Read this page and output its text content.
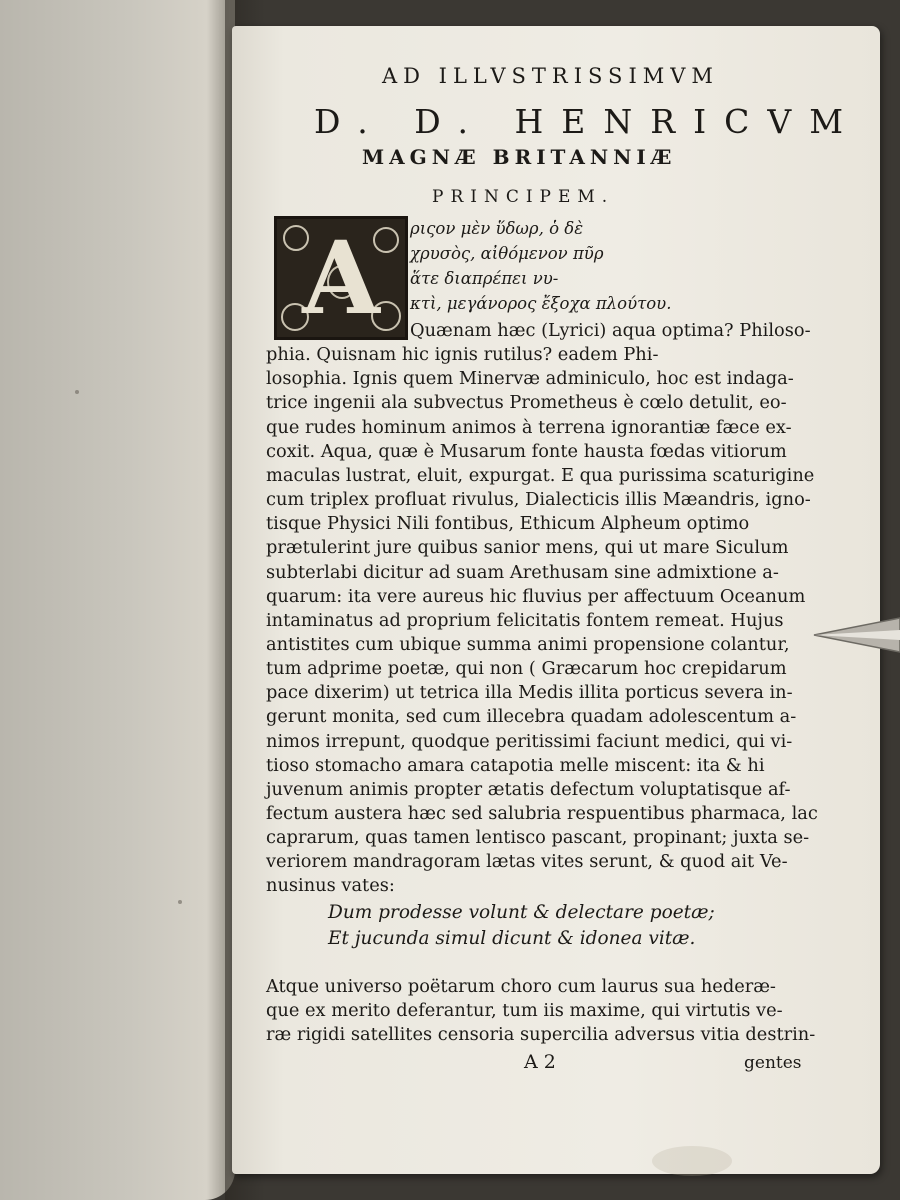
AD ILLVSTRISSIMVM
D. D. HENRICVM
MAGNÆ BRITANNIÆ
PRINCIPEM.
A	ριςον μὲν ὕδωρ, ὁ δὲ
χρυσὸς, αἰθόμενον πῦρ
ἅτε διαπρέπει νυ-
κτὶ, μεγάνορος ἔξοχα πλούτου.
Quænam hæc (Lyrici) aqua optima? Philoso-
phia. Quisnam hic ignis rutilus? eadem Phi-
losophia. Ignis quem Minervæ adminiculo, hoc est indaga-
trice ingenii ala subvectus Prometheus è cœlo detulit, eo-
que rudes hominum animos à terrena ignorantiæ fæce ex-
coxit. Aqua, quæ è Musarum fonte hausta fœdas vitiorum
maculas lustrat, eluit, expurgat. E qua purissima scaturigine
cum triplex profluat rivulus, Dialecticis illis Mæandris, igno-
tisque Physici Nili fontibus, Ethicum Alpheum optimo
prætulerint jure quibus sanior mens, qui ut mare Siculum
subterlabi dicitur ad suam Arethusam sine admixtione a-
quarum: ita vere aureus hic fluvius per affectuum Oceanum
intaminatus ad proprium felicitatis fontem remeat. Hujus
antistites cum ubique summa animi propensione colantur,
tum adprime poetæ, qui non ( Græcarum hoc crepidarum
pace dixerim) ut tetrica illa Medis illita porticus severa in-
gerunt monita, sed cum illecebra quadam adolescentum a-
nimos irrepunt, quodque peritissimi faciunt medici, qui vi-
tioso stomacho amara catapotia melle miscent: ita & hi
juvenum animis propter ætatis defectum voluptatisque af-
fectum austera hæc sed salubria respuentibus pharmaca, lac
caprarum, quas tamen lentisco pascant, propinant; juxta se-
veriorem mandragoram lætas vites serunt, & quod ait Ve-
nusinus vates:
Dum prodesse volunt & delectare poetæ;
Et jucunda simul dicunt & idonea vitæ.
Atque universo poëtarum choro cum laurus sua hederæ-
que ex merito deferantur, tum iis maxime, qui virtutis ve-
ræ rigidi satellites censoria supercilia adversus vitia destrin-
A 2	gentes
